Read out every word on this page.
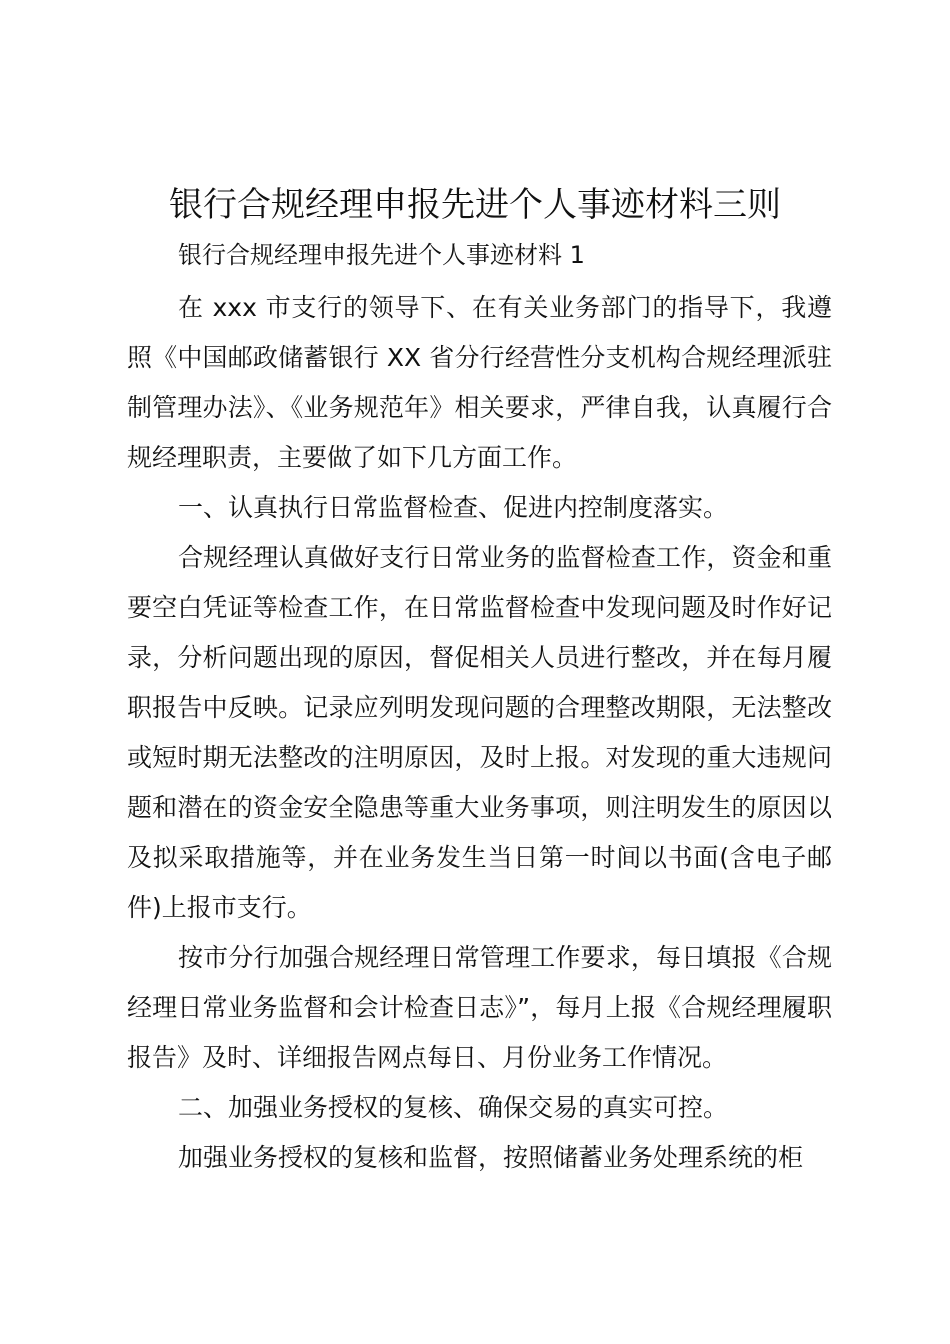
银行合规经理申报先进个人事迹材料三则

银行合规经理申报先进个人事迹材料 1

在 xxx 市支行的领导下、在有关业务部门的指导下，我遵照《中国邮政储蓄银行 XX 省分行经营性分支机构合规经理派驻制管理办法》、《业务规范年》相关要求，严律自我，认真履行合规经理职责，主要做了如下几方面工作。

一、认真执行日常监督检查、促进内控制度落实。

合规经理认真做好支行日常业务的监督检查工作，资金和重要空白凭证等检查工作，在日常监督检查中发现问题及时作好记录，分析问题出现的原因，督促相关人员进行整改，并在每月履职报告中反映。记录应列明发现问题的合理整改期限，无法整改或短时期无法整改的注明原因，及时上报。对发现的重大违规问题和潜在的资金安全隐患等重大业务事项，则注明发生的原因以及拟采取措施等，并在业务发生当日第一时间以书面(含电子邮件)上报市支行。

按市分行加强合规经理日常管理工作要求，每日填报《合规经理日常业务监督和会计检查日志》”，每月上报《合规经理履职报告》及时、详细报告网点每日、月份业务工作情况。

二、加强业务授权的复核、确保交易的真实可控。

加强业务授权的复核和监督，按照储蓄业务处理系统的柜
